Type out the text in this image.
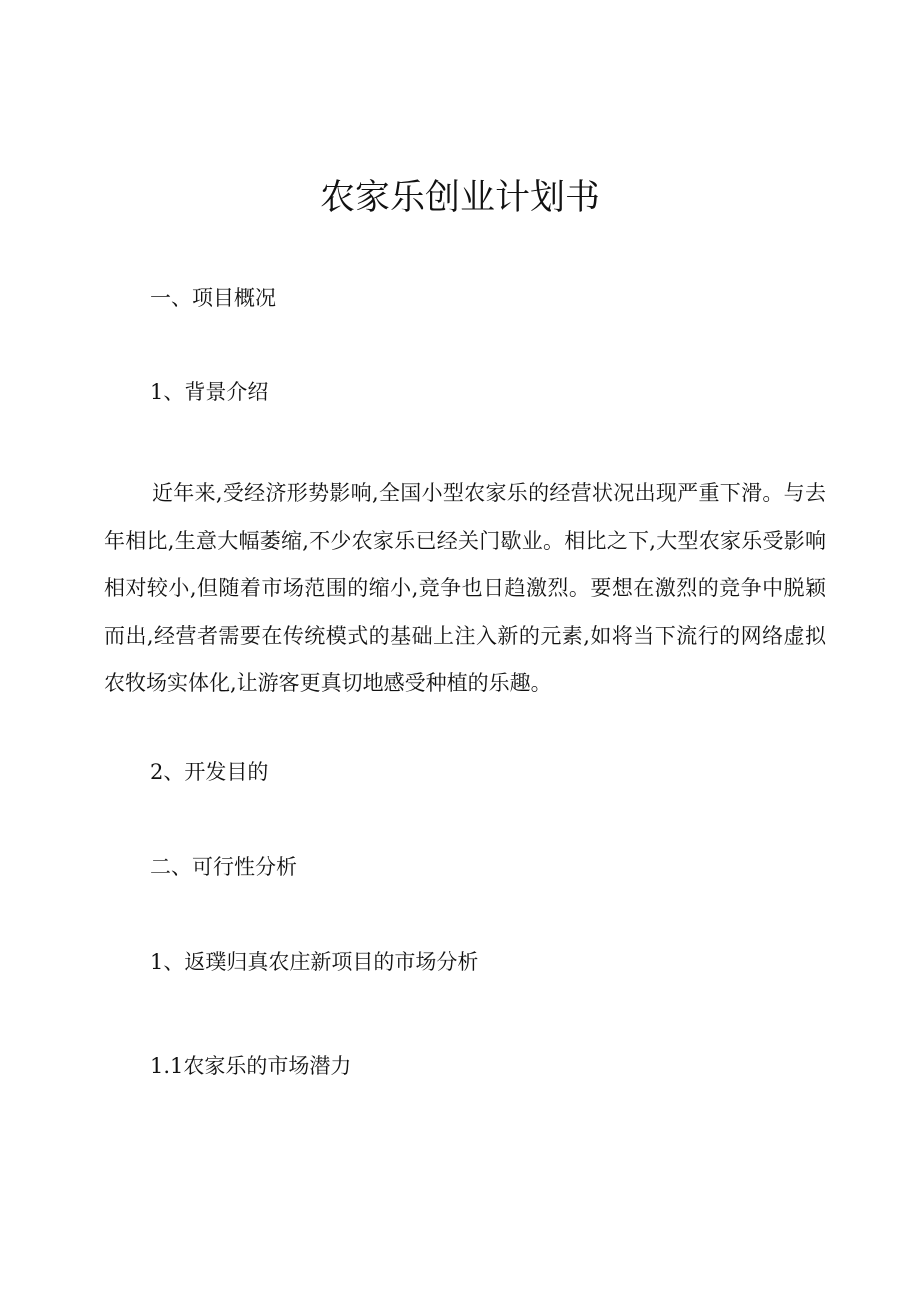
农家乐创业计划书
一、项目概况
1、背景介绍

近年来,受经济形势影响,全国小型农家乐的经营状况出现严重下滑。与去年相比,生意大幅萎缩,不少农家乐已经关门歇业。相比之下,大型农家乐受影响相对较小,但随着市场范围的缩小,竞争也日趋激烈。要想在激烈的竞争中脱颖而出,经营者需要在传统模式的基础上注入新的元素,如将当下流行的网络虚拟农牧场实体化,让游客更真切地感受种植的乐趣。

2、开发目的
二、可行性分析
1、返璞归真农庄新项目的市场分析
1.1农家乐的市场潜力
